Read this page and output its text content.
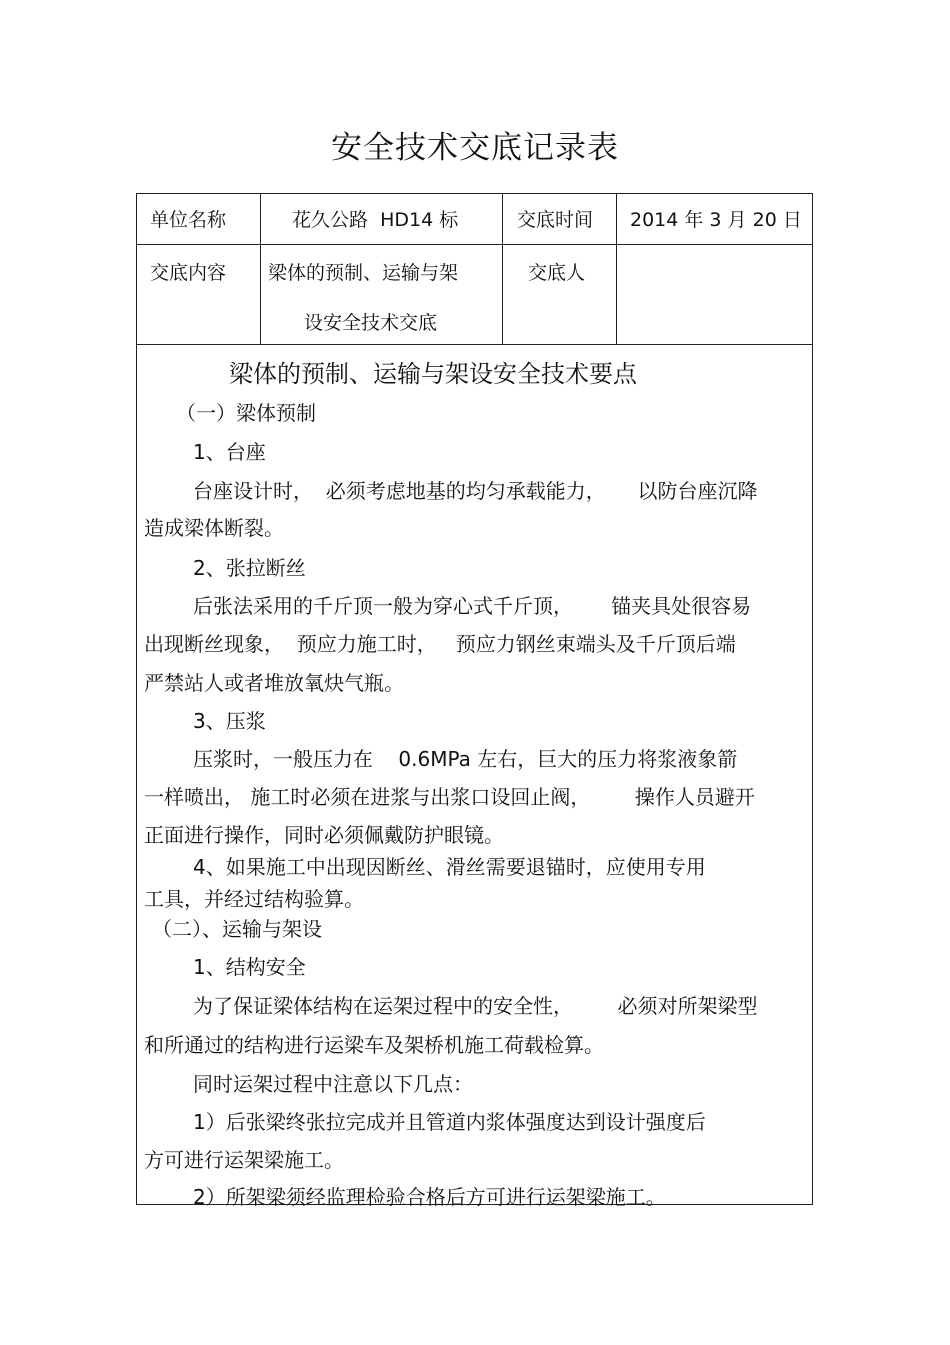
安全技术交底记录表
单位名称	花久公路  HD14 标	交底时间 2014 年 3 月 20 日
交底内容 梁体的预制、运输与架
设安全技术交底
交底人
梁体的预制、运输与架设安全技术要点
（一）梁体预制
1、台座
台座设计时，  必须考虑地基的均匀承载能力，     以防台座沉降
造成梁体断裂。
2、张拉断丝
后张法采用的千斤顶一般为穿心式千斤顶，      锚夹具处很容易
出现断丝现象，  预应力施工时，   预应力钢丝束端头及千斤顶后端
严禁站人或者堆放氧炔气瓶。
3、压浆
压浆时，一般压力在    0.6MPa 左右，巨大的压力将浆液象箭
一样喷出， 施工时必须在进浆与出浆口设回止阀，       操作人员避开
正面进行操作，同时必须佩戴防护眼镜。
4、如果施工中出现因断丝、滑丝需要退锚时，应使用专用
工具，并经过结构验算。
（二）、运输与架设
1、结构安全
为了保证梁体结构在运架过程中的安全性，       必须对所架梁型
和所通过的结构进行运梁车及架桥机施工荷载检算。
同时运架过程中注意以下几点：
1）后张梁终张拉完成并且管道内浆体强度达到设计强度后
方可进行运架梁施工。
2）所架梁须经监理检验合格后方可进行运架梁施工。
